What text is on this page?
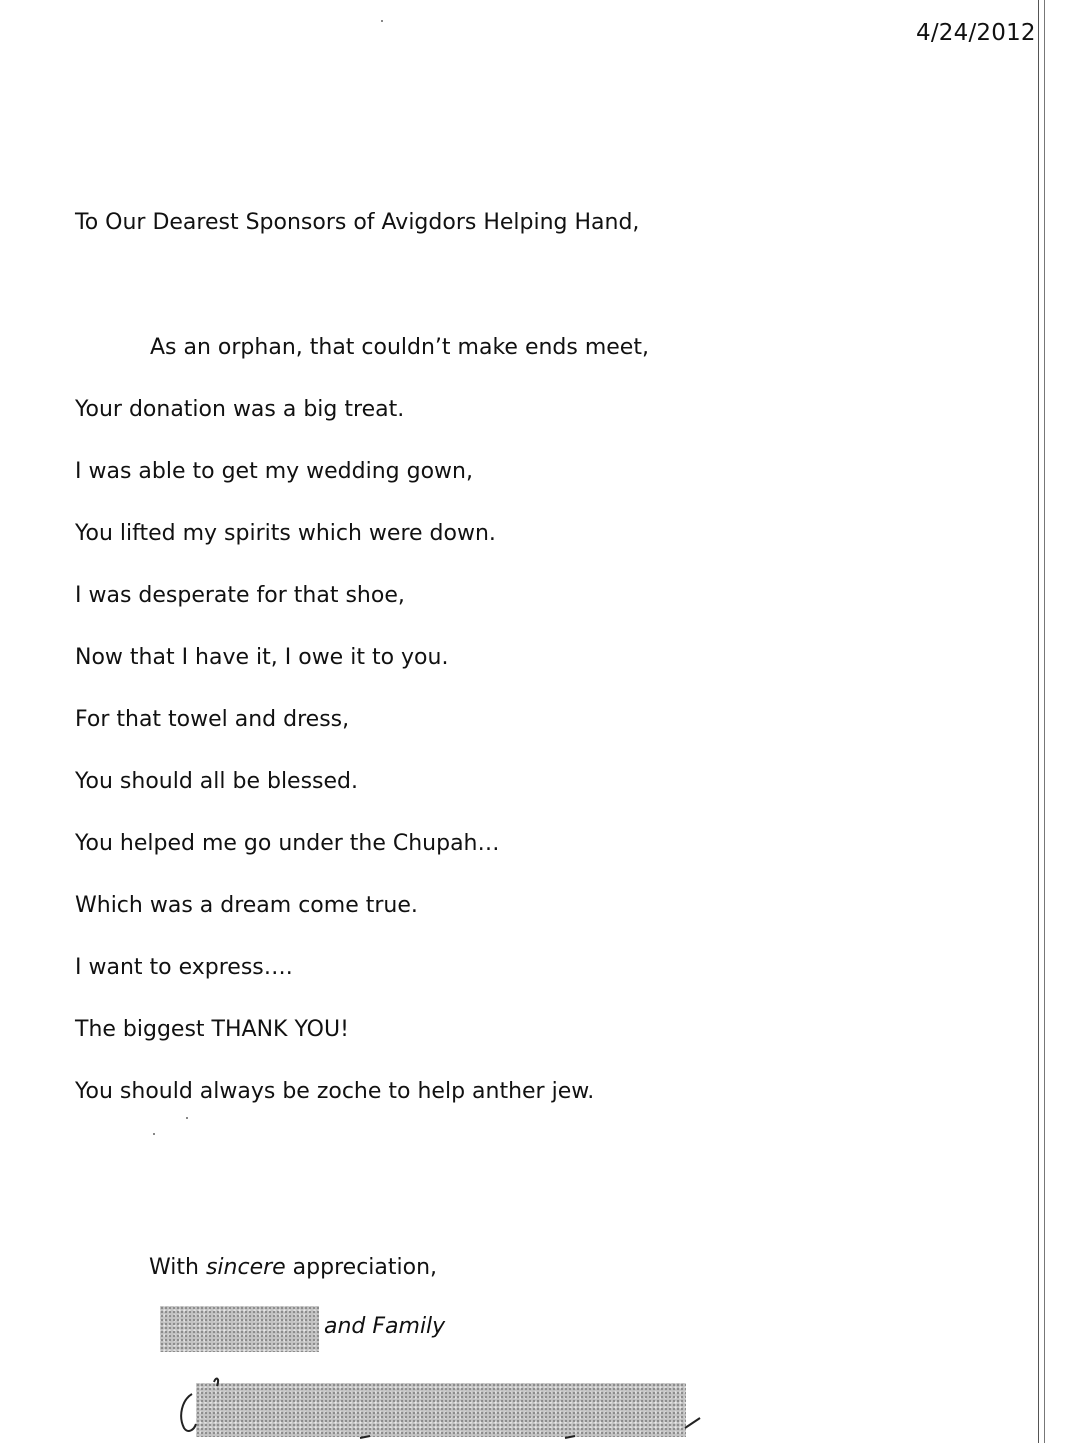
4/24/2012
To Our Dearest Sponsors of Avigdors Helping Hand,
As an orphan, that couldn’t make ends meet,
Your donation was a big treat.
I was able to get my wedding gown,
You lifted my spirits which were down.
I was desperate for that shoe,
Now that I have it, I owe it to you.
For that towel and dress,
You should all be blessed.
You helped me go under the Chupah…
Which was a dream come true.
I want to express….
The biggest THANK YOU!
You should always be zoche to help anther jew.
With sincere appreciation,
and Family
